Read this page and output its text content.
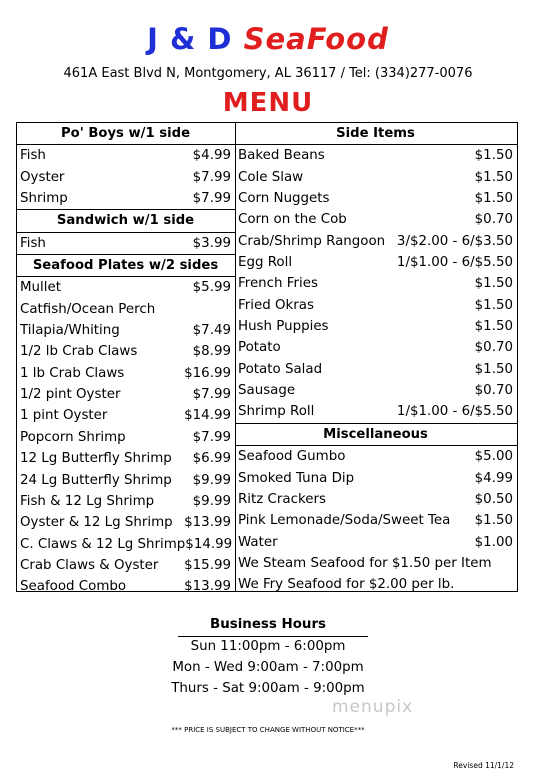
J & D SeaFood
461A East Blvd N, Montgomery, AL 36117 / Tel: (334)277-0076
MENU
Po' Boys w/1 side
Fish	$4.99
Oyster	$7.99
Shrimp	$7.99
Sandwich w/1 side
Fish	$3.99
Seafood Plates w/2 sides
Mullet	$5.99
Catfish/Ocean Perch
Tilapia/Whiting	$7.49
1/2 lb Crab Claws	$8.99
1 lb Crab Claws	$16.99
1/2 pint Oyster	$7.99
1 pint Oyster	$14.99
Popcorn Shrimp	$7.99
12 Lg Butterfly Shrimp $6.99
24 Lg Butterfly Shrimp $9.99
Fish & 12 Lg Shrimp	$9.99
Oyster & 12 Lg Shrimp $13.99
C. Claws & 12 Lg Shrimp $14.99
Crab Claws & Oyster $15.99
Seafood Combo	$13.99
Side Items
Baked Beans	$1.50
Cole Slaw	$1.50
Corn Nuggets	$1.50
Corn on the Cob	$0.70
Crab/Shrimp Rangoon 3/$2.00 - 6/$3.50
Egg Roll	1/$1.00 - 6/$5.50
French Fries	$1.50
Fried Okras	$1.50
Hush Puppies	$1.50
Potato	$0.70
Potato Salad	$1.50
Sausage	$0.70
Shrimp Roll	1/$1.00 - 6/$5.50
Miscellaneous
Seafood Gumbo	$5.00
Smoked Tuna Dip	$4.99
Ritz Crackers	$0.50
Pink Lemonade/Soda/Sweet Tea $1.50
Water	$1.00
We Steam Seafood for $1.50 per Item
We Fry Seafood for $2.00 per lb.
Business Hours
Sun 11:00pm - 6:00pm
Mon - Wed 9:00am - 7:00pm
Thurs - Sat 9:00am - 9:00pm
menupix
*** PRICE IS SUBJECT TO CHANGE WITHOUT NOTICE***
Revised 11/1/12
